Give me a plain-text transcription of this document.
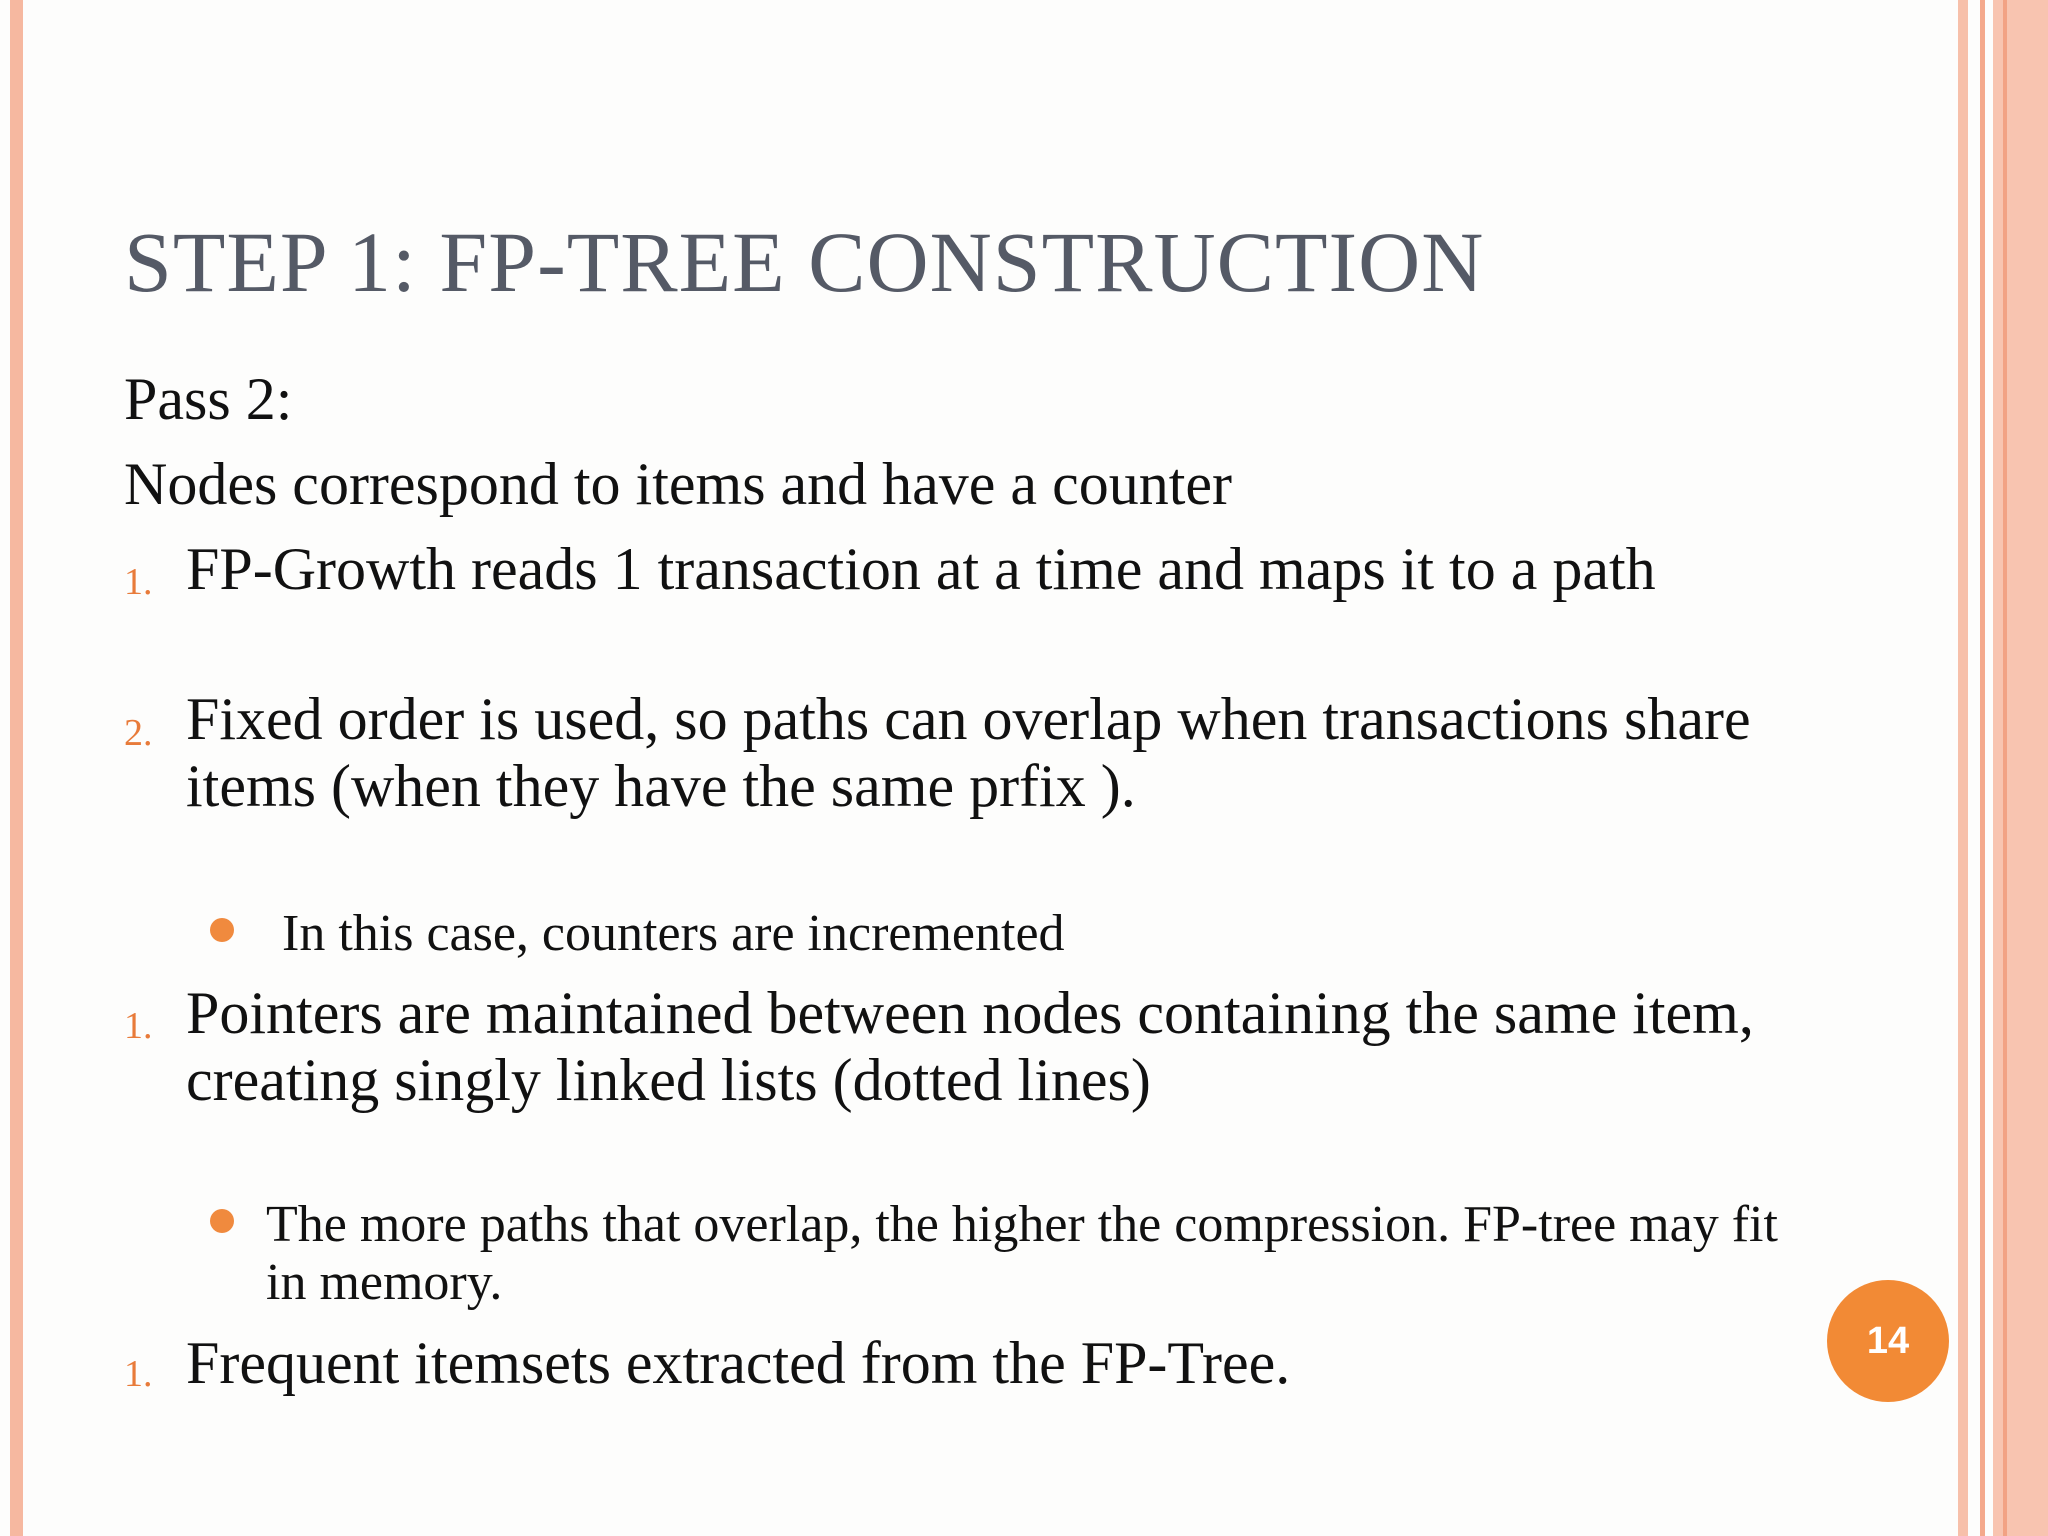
STEP 1: FP-TREE CONSTRUCTION
Pass 2:
Nodes correspond to items and have a counter
1. FP-Growth reads 1 transaction at a time and maps it to a path
2. Fixed order is used, so paths can overlap when transactions share items (when they have the same prfix ).
In this case, counters are incremented
1. Pointers are maintained between nodes containing the same item, creating singly linked lists (dotted lines)
The more paths that overlap, the higher the compression. FP-tree may fit in memory.
1. Frequent itemsets extracted from the FP-Tree.	14
